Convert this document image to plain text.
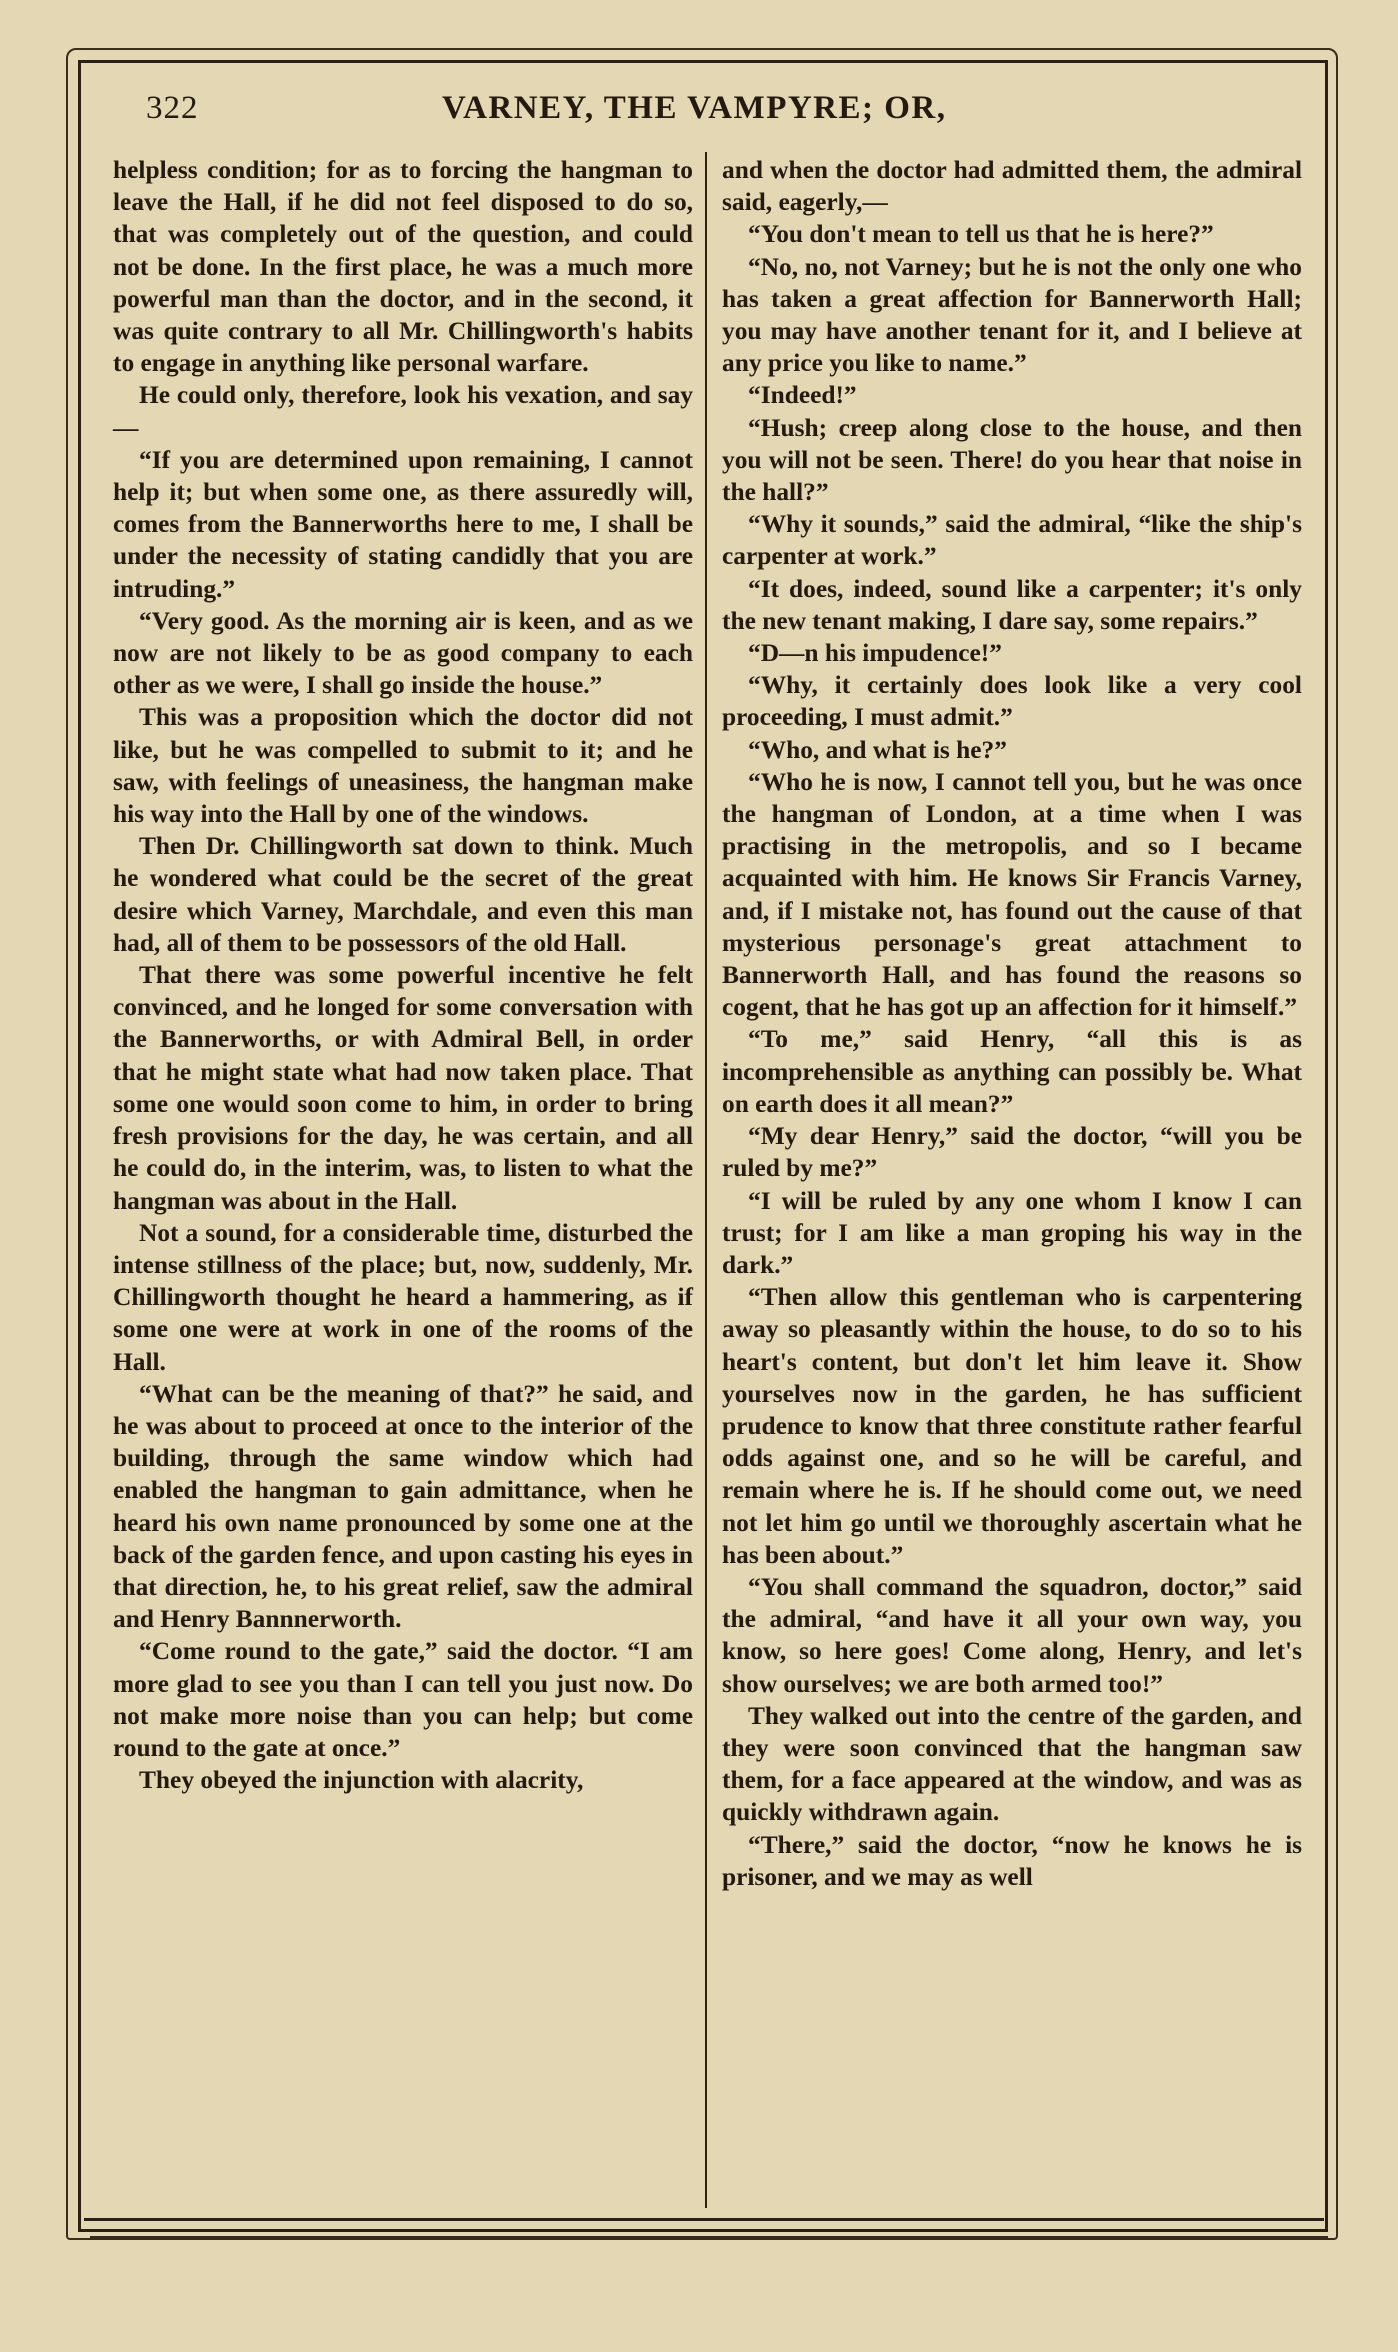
322	VARNEY, THE VAMPYRE; OR,

helpless condition; for as to forcing the hangman to leave the Hall, if he did not feel disposed to do so, that was completely out of the question, and could not be done. In the first place, he was a much more powerful man than the doctor, and in the second, it was quite contrary to all Mr. Chillingworth's habits to engage in anything like personal warfare.

He could only, therefore, look his vexation, and say —

“If you are determined upon remaining, I cannot help it; but when some one, as there assuredly will, comes from the Bannerworths here to me, I shall be under the necessity of stating candidly that you are intruding.”

“Very good. As the morning air is keen, and as we now are not likely to be as good company to each other as we were, I shall go inside the house.”

This was a proposition which the doctor did not like, but he was compelled to submit to it; and he saw, with feelings of uneasiness, the hangman make his way into the Hall by one of the windows.

Then Dr. Chillingworth sat down to think. Much he wondered what could be the secret of the great desire which Varney, Marchdale, and even this man had, all of them to be possessors of the old Hall.

That there was some powerful incentive he felt convinced, and he longed for some conversation with the Bannerworths, or with Admiral Bell, in order that he might state what had now taken place. That some one would soon come to him, in order to bring fresh provisions for the day, he was certain, and all he could do, in the interim, was, to listen to what the hangman was about in the Hall.

Not a sound, for a considerable time, disturbed the intense stillness of the place; but, now, suddenly, Mr. Chillingworth thought he heard a hammering, as if some one were at work in one of the rooms of the Hall.

“What can be the meaning of that?” he said, and he was about to proceed at once to the interior of the building, through the same window which had enabled the hangman to gain admittance, when he heard his own name pronounced by some one at the back of the garden fence, and upon casting his eyes in that direction, he, to his great relief, saw the admiral and Henry Bannnerworth.

“Come round to the gate,” said the doctor. “I am more glad to see you than I can tell you just now. Do not make more noise than you can help; but come round to the gate at once.”

They obeyed the injunction with alacrity,

and when the doctor had admitted them, the admiral said, eagerly,—

“You don't mean to tell us that he is here?”

“No, no, not Varney; but he is not the only one who has taken a great affection for Bannerworth Hall; you may have another tenant for it, and I believe at any price you like to name.”

“Indeed!”

“Hush; creep along close to the house, and then you will not be seen. There! do you hear that noise in the hall?”

“Why it sounds,” said the admiral, “like the ship's carpenter at work.”

“It does, indeed, sound like a carpenter; it's only the new tenant making, I dare say, some repairs.”

“D—n his impudence!”

“Why, it certainly does look like a very cool proceeding, I must admit.”

“Who, and what is he?”

“Who he is now, I cannot tell you, but he was once the hangman of London, at a time when I was practising in the metropolis, and so I became acquainted with him. He knows Sir Francis Varney, and, if I mistake not, has found out the cause of that mysterious personage's great attachment to Bannerworth Hall, and has found the reasons so cogent, that he has got up an affection for it himself.”

“To me,” said Henry, “all this is as incomprehensible as anything can possibly be. What on earth does it all mean?”

“My dear Henry,” said the doctor, “will you be ruled by me?”

“I will be ruled by any one whom I know I can trust; for I am like a man groping his way in the dark.”

“Then allow this gentleman who is carpentering away so pleasantly within the house, to do so to his heart's content, but don't let him leave it. Show yourselves now in the garden, he has sufficient prudence to know that three constitute rather fearful odds against one, and so he will be careful, and remain where he is. If he should come out, we need not let him go until we thoroughly ascertain what he has been about.”

“You shall command the squadron, doctor,” said the admiral, “and have it all your own way, you know, so here goes! Come along, Henry, and let's show ourselves; we are both armed too!”

They walked out into the centre of the garden, and they were soon convinced that the hangman saw them, for a face appeared at the window, and was as quickly withdrawn again.

“There,” said the doctor, “now he knows he is prisoner, and we may as well
